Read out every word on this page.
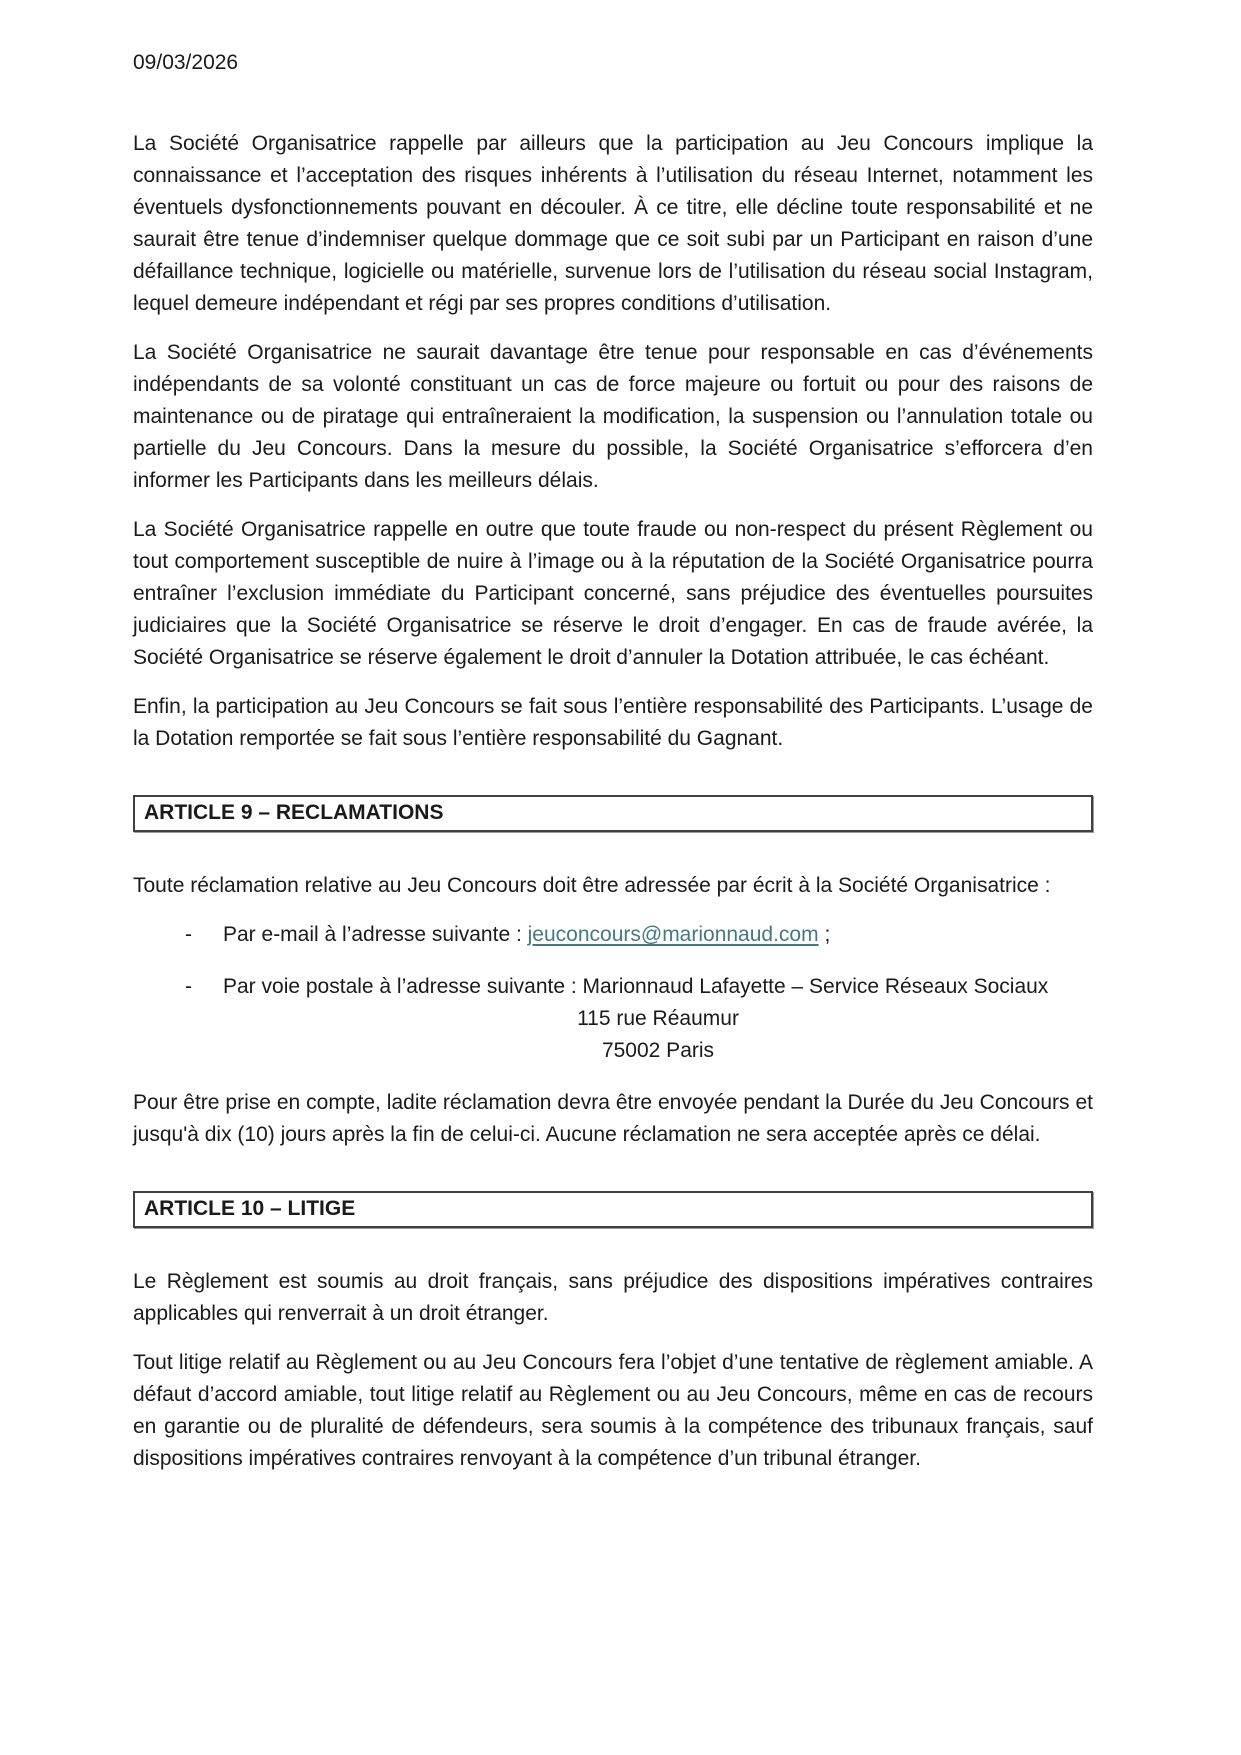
09/03/2026

La Société Organisatrice rappelle par ailleurs que la participation au Jeu Concours implique la connaissance et l’acceptation des risques inhérents à l’utilisation du réseau Internet, notamment les éventuels dysfonctionnements pouvant en découler. À ce titre, elle décline toute responsabilité et ne saurait être tenue d’indemniser quelque dommage que ce soit subi par un Participant en raison d’une défaillance technique, logicielle ou matérielle, survenue lors de l’utilisation du réseau social Instagram, lequel demeure indépendant et régi par ses propres conditions d’utilisation.

La Société Organisatrice ne saurait davantage être tenue pour responsable en cas d’événements indépendants de sa volonté constituant un cas de force majeure ou fortuit ou pour des raisons de maintenance ou de piratage qui entraîneraient la modification, la suspension ou l’annulation totale ou partielle du Jeu Concours. Dans la mesure du possible, la Société Organisatrice s’efforcera d’en informer les Participants dans les meilleurs délais.

La Société Organisatrice rappelle en outre que toute fraude ou non-respect du présent Règlement ou tout comportement susceptible de nuire à l’image ou à la réputation de la Société Organisatrice pourra entraîner l’exclusion immédiate du Participant concerné, sans préjudice des éventuelles poursuites judiciaires que la Société Organisatrice se réserve le droit d’engager. En cas de fraude avérée, la Société Organisatrice se réserve également le droit d’annuler la Dotation attribuée, le cas échéant.

Enfin, la participation au Jeu Concours se fait sous l’entière responsabilité des Participants. L’usage de la Dotation remportée se fait sous l’entière responsabilité du Gagnant.

ARTICLE 9 – RECLAMATIONS

Toute réclamation relative au Jeu Concours doit être adressée par écrit à la Société Organisatrice :

-	Par e-mail à l’adresse suivante : jeuconcours@marionnaud.com ;
-	Par voie postale à l’adresse suivante : Marionnaud Lafayette – Service Réseaux Sociaux
115 rue Réaumur
75002 Paris

Pour être prise en compte, ladite réclamation devra être envoyée pendant la Durée du Jeu Concours et jusqu'à dix (10) jours après la fin de celui-ci. Aucune réclamation ne sera acceptée après ce délai.

ARTICLE 10 – LITIGE

Le Règlement est soumis au droit français, sans préjudice des dispositions impératives contraires applicables qui renverrait à un droit étranger.

Tout litige relatif au Règlement ou au Jeu Concours fera l’objet d’une tentative de règlement amiable. A défaut d’accord amiable, tout litige relatif au Règlement ou au Jeu Concours, même en cas de recours en garantie ou de pluralité de défendeurs, sera soumis à la compétence des tribunaux français, sauf dispositions impératives contraires renvoyant à la compétence d’un tribunal étranger.
